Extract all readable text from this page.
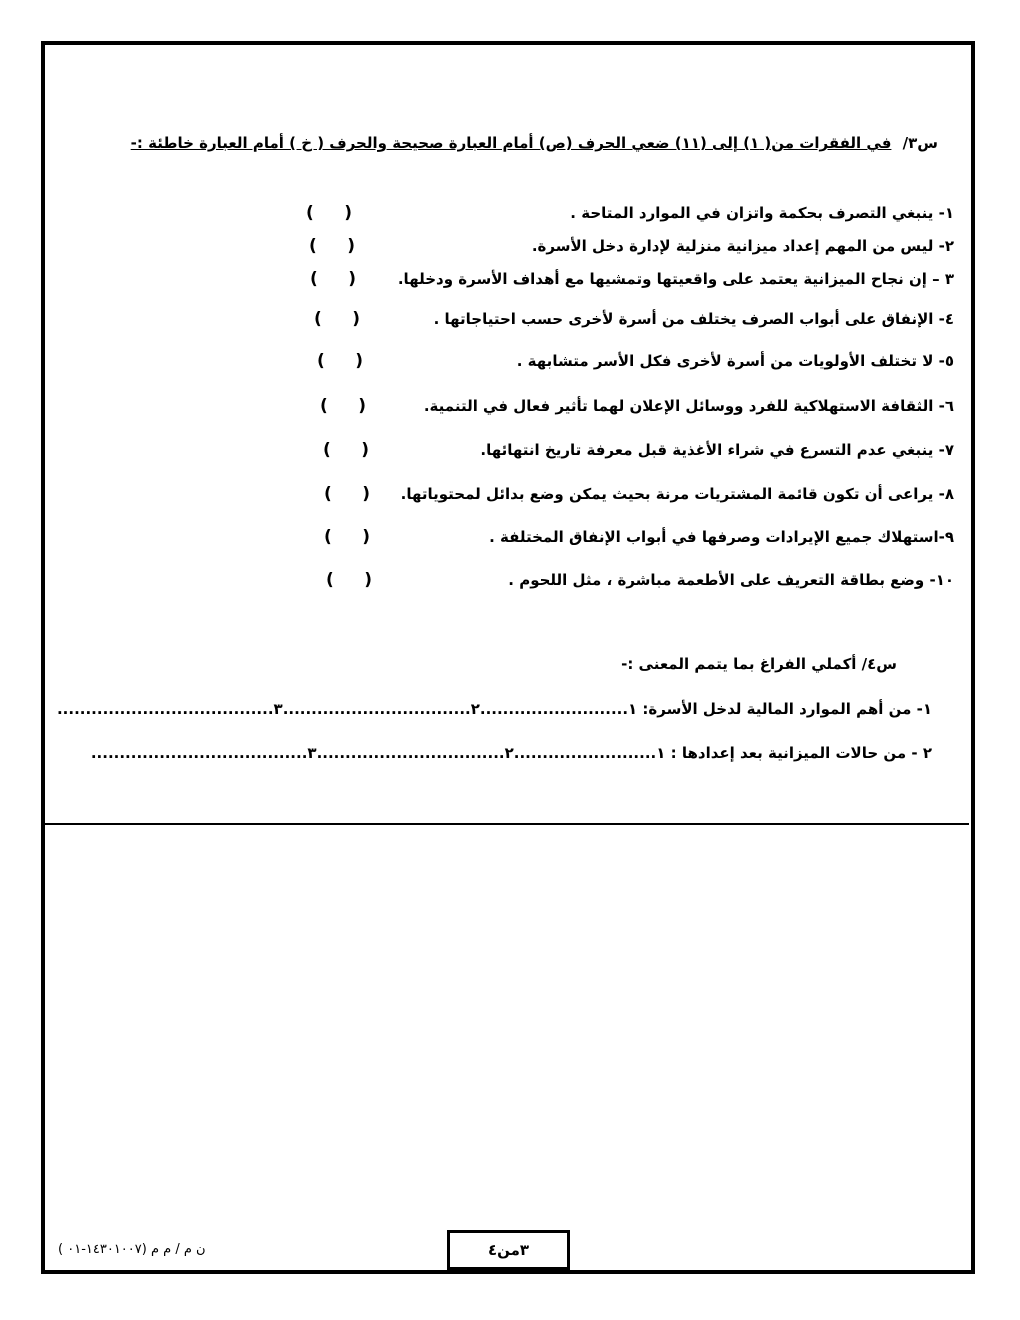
س٣/ في الفقرات من( ١) إلى (١١) ضعي الحرف (ص) أمام العبارة صحيحة والحرف ( خ ) أمام العبارة خاطئة :-
١- ينبغي التصرف بحكمة واتزان في الموارد المتاحة .
( )
٢- ليس من المهم إعداد ميزانية منزلية لإدارة دخل الأسرة.
( )
٣ – إن نجاح الميزانية يعتمد على واقعيتها وتمشيها مع أهداف الأسرة ودخلها.
( )
٤- الإنفاق على أبواب الصرف يختلف من أسرة لأخرى حسب احتياجاتها .
( )
٥- لا تختلف الأولويات من أسرة لأخرى فكل الأسر متشابهة .
( )
٦- الثقافة الاستهلاكية للفرد ووسائل الإعلان لهما تأثير فعال في التنمية.
( )
٧- ينبغي عدم التسرع في شراء الأغذية قبل معرفة تاريخ انتهائها.
( )
٨- يراعى أن تكون قائمة المشتريات مرنة بحيث يمكن وضع بدائل لمحتوياتها.
( )
٩-استهلاك جميع الإيرادات وصرفها في أبواب الإنفاق المختلفة .
( )
١٠- وضع بطاقة التعريف على الأطعمة مباشرة ، مثل اللحوم .
( )
س٤/ أكملي الفراغ بما يتمم المعنى :-
١- من أهم الموارد المالية لدخل الأسرة: ١..........................٢.................................٣......................................
٢ - من حالات الميزانية بعد إعدادها : ١.........................٢.................................٣......................................
٣من٤
ن م / م م (١٤٣٠١٠٠٧-٠١ )
